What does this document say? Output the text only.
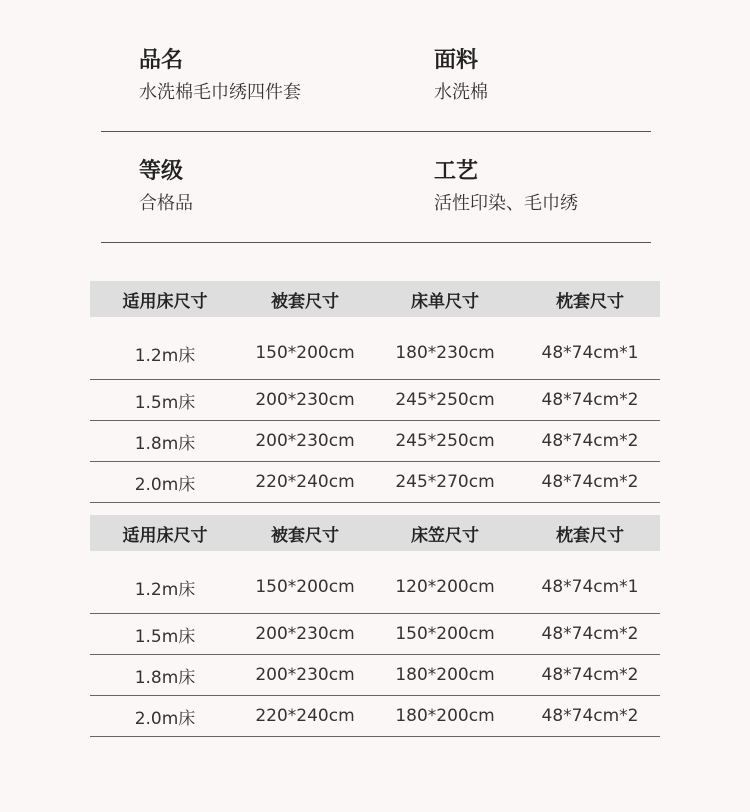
品名
水洗棉毛巾绣四件套
面料
水洗棉
等级
合格品
工艺
活性印染、毛巾绣
适用床尺寸	被套尺寸	床单尺寸	枕套尺寸
1.2m床	150*200cm	180*230cm	48*74cm*1
1.5m床	200*230cm	245*250cm	48*74cm*2
1.8m床	200*230cm	245*250cm	48*74cm*2
2.0m床	220*240cm	245*270cm	48*74cm*2
适用床尺寸	被套尺寸	床笠尺寸	枕套尺寸
1.2m床	150*200cm	120*200cm	48*74cm*1
1.5m床	200*230cm	150*200cm	48*74cm*2
1.8m床	200*230cm	180*200cm	48*74cm*2
2.0m床	220*240cm	180*200cm	48*74cm*2
